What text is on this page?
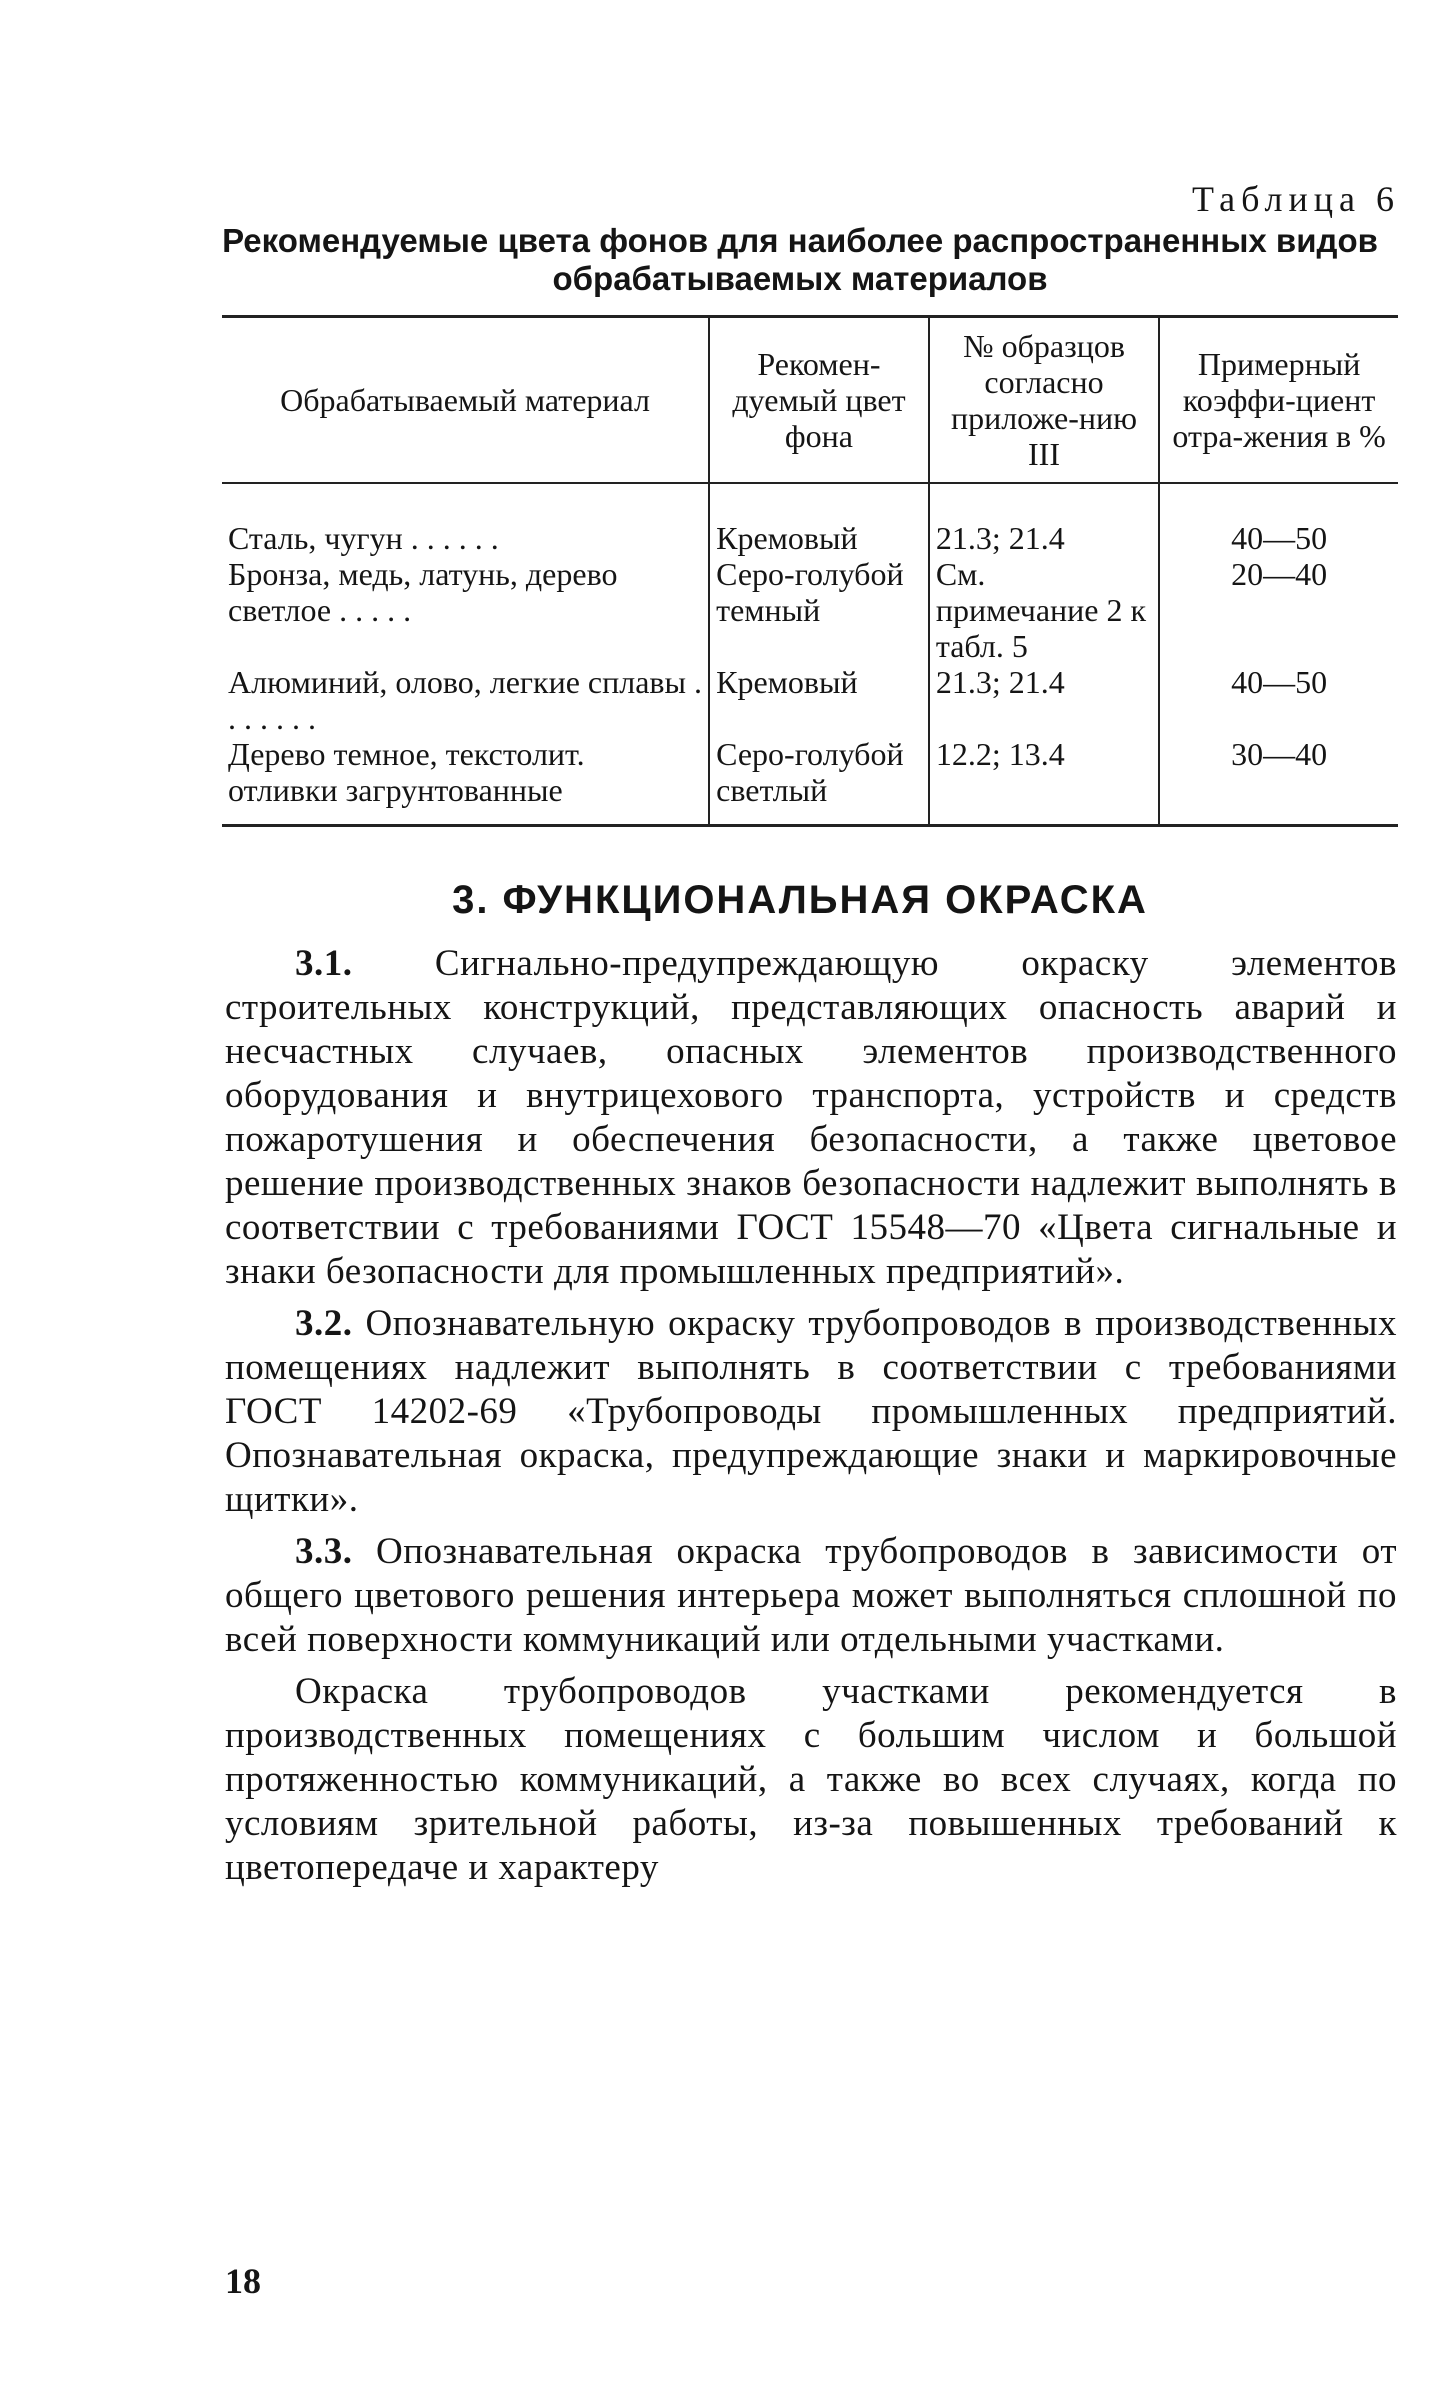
Таблица 6
Рекомендуемые цвета фонов для наиболее распространенных видов обрабатываемых материалов
Обрабатываемый материал	Рекомен-дуемый цвет фона	№ образцов согласно приложе-нию III	Примерный коэффи-циент отра-жения в %
Сталь, чугун . . . . . .	Кремовый	21.3; 21.4	40—50
Бронза, медь, латунь, дерево светлое . . . . .	Серо-голубой темный	См. примечание 2 к табл. 5	20—40
Алюминий, олово, легкие сплавы . . . . . . .	Кремовый	21.3; 21.4	40—50
Дерево темное, текстолит. отливки загрунтованные	Серо-голубой светлый	12.2; 13.4	30—40
3. ФУНКЦИОНАЛЬНАЯ ОКРАСКА

3.1. Сигнально-предупреждающую окраску элементов строительных конструкций, представляющих опасность аварий и несчастных случаев, опасных элементов производственного оборудования и внутрицехового транспорта, устройств и средств пожаротушения и обеспечения безопасности, а также цветовое решение производственных знаков безопасности надлежит выполнять в соответствии с требованиями ГОСТ 15548—70 «Цвета сигнальные и знаки безопасности для промышленных предприятий».

3.2. Опознавательную окраску трубопроводов в производственных помещениях надлежит выполнять в соответствии с требованиями ГОСТ 14202-69 «Трубопроводы промышленных предприятий. Опознавательная окраска, предупреждающие знаки и маркировочные щитки».

3.3. Опознавательная окраска трубопроводов в зависимости от общего цветового решения интерьера может выполняться сплошной по всей поверхности коммуникаций или отдельными участками.

Окраска трубопроводов участками рекомендуется в производственных помещениях с большим числом и большой протяженностью коммуникаций, а также во всех случаях, когда по условиям зрительной работы, из-за повышенных требований к цветопередаче и характеру

18
